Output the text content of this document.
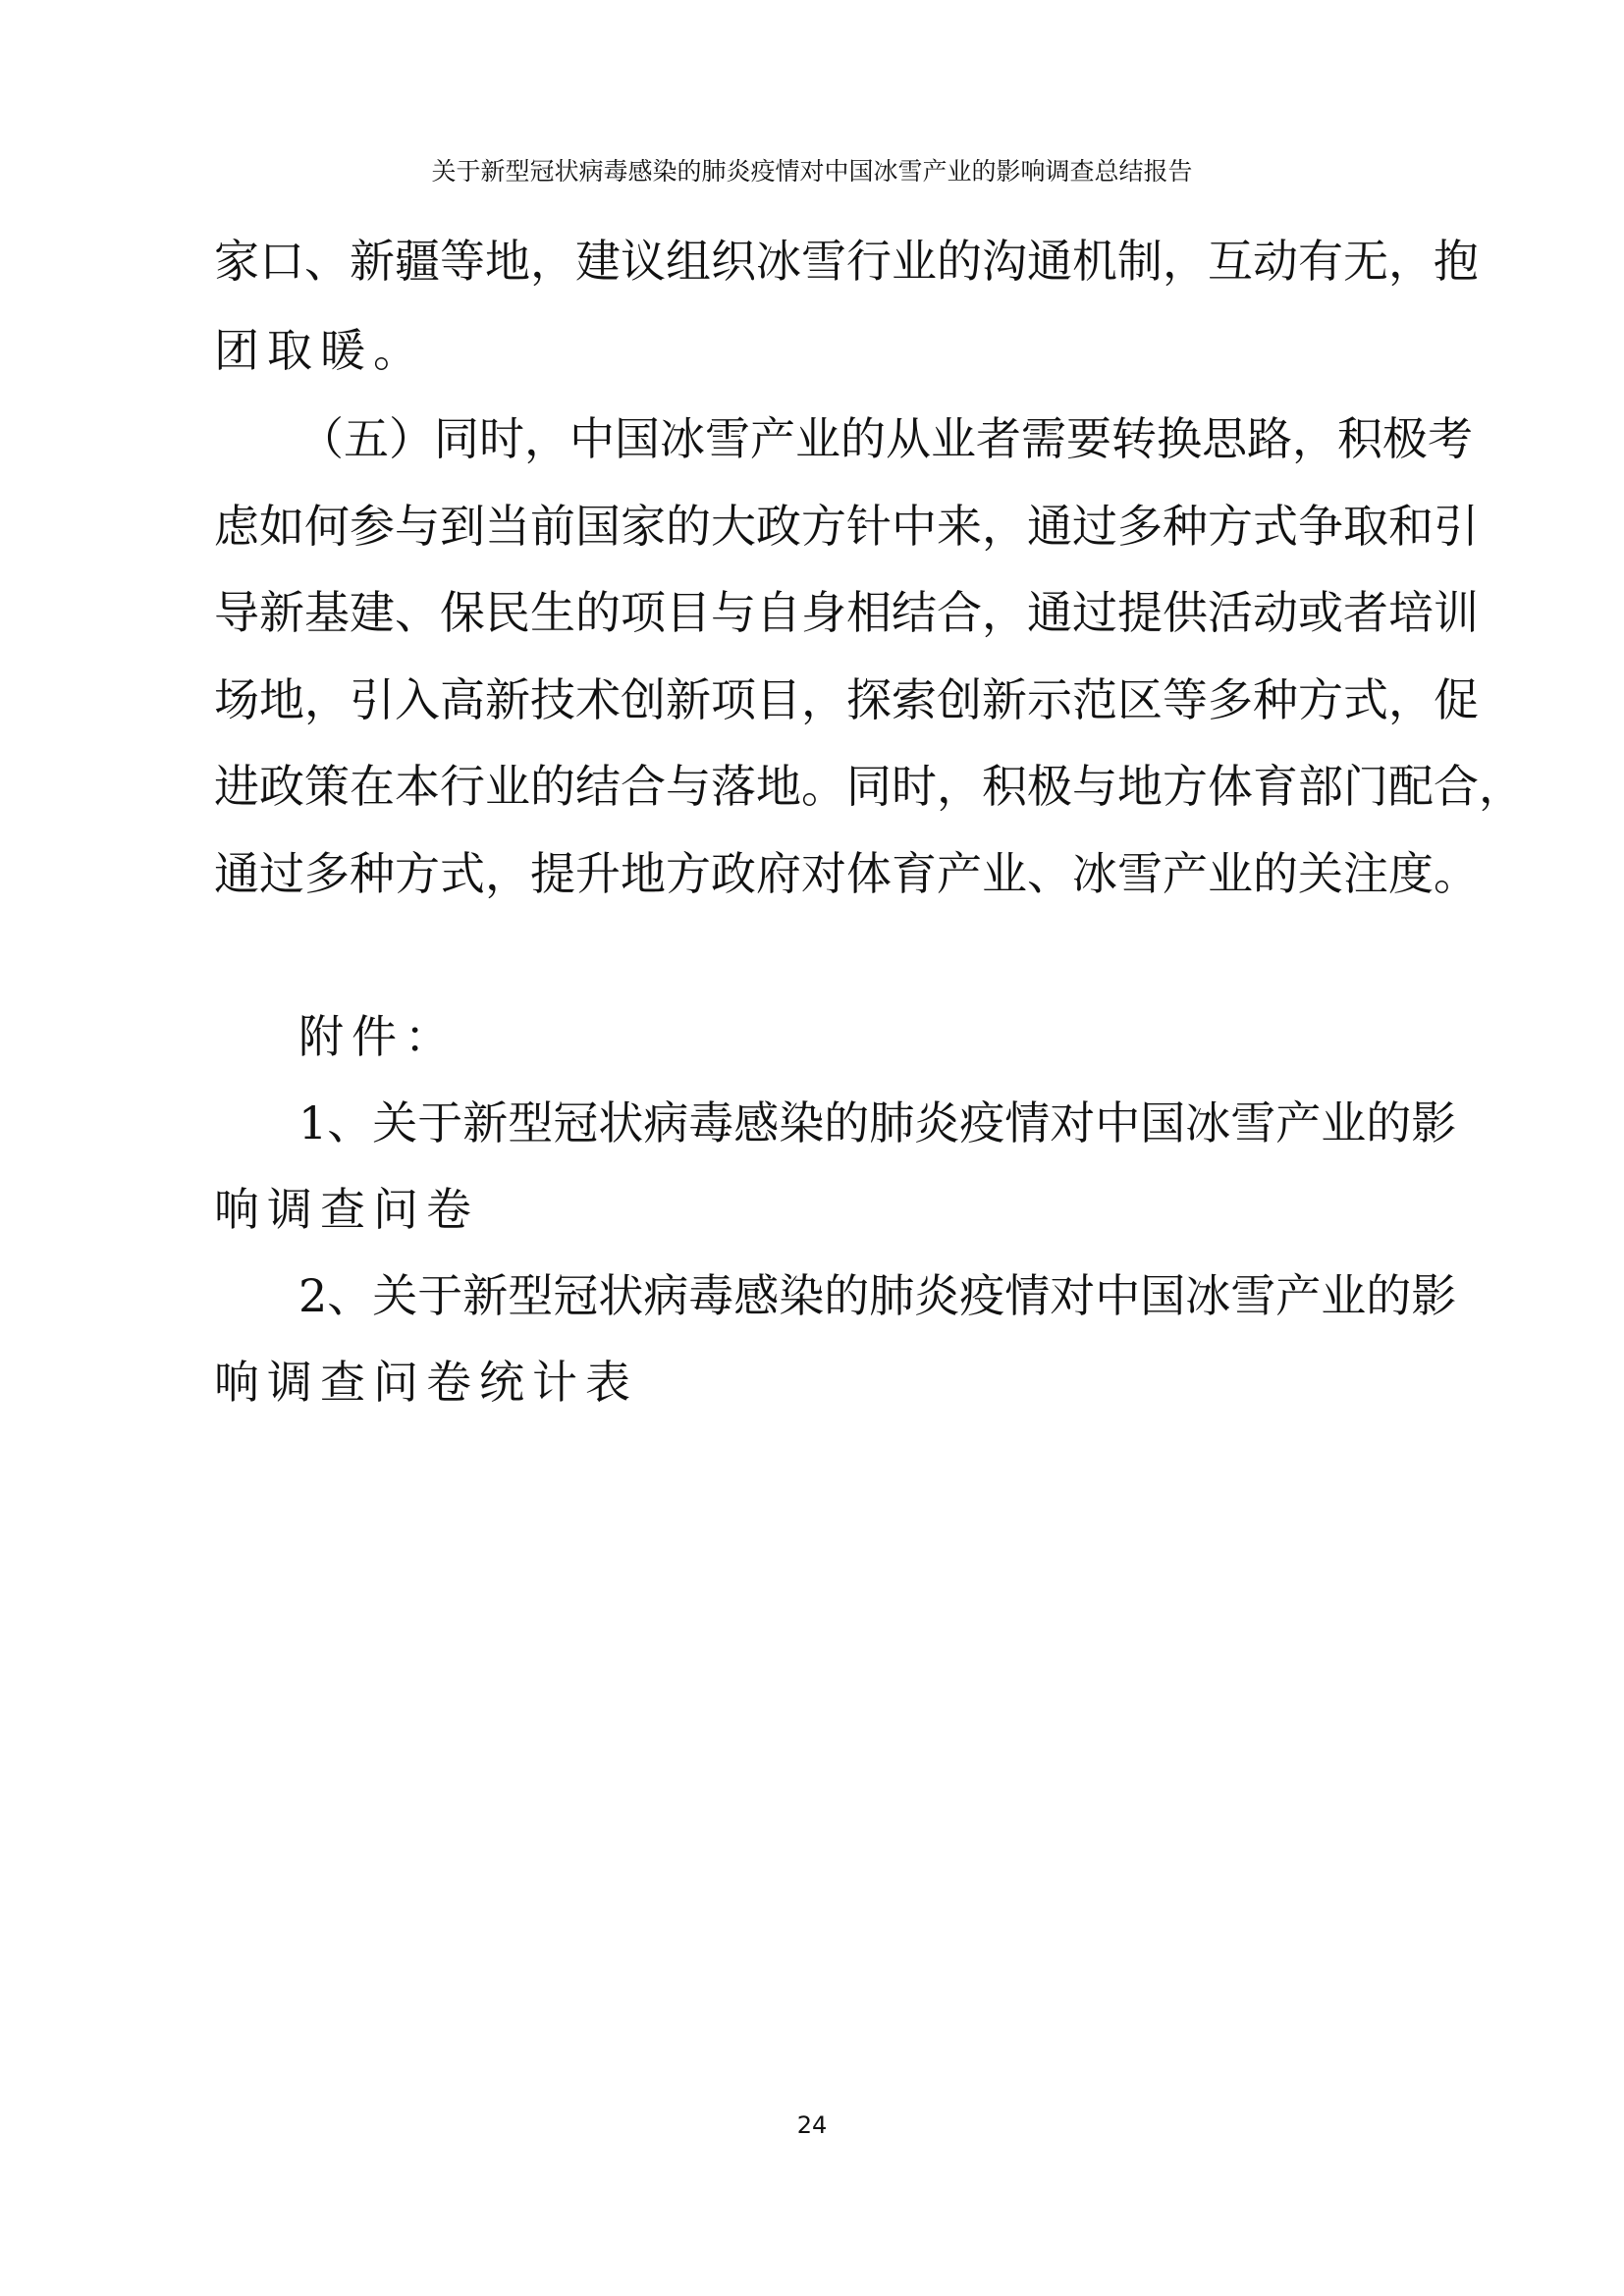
关于新型冠状病毒感染的肺炎疫情对中国冰雪产业的影响调查总结报告
家 口 、 新 疆 等 地 ， 建 议 组 织 冰 雪 行 业 的 沟 通 机 制 ， 互 动 有 无 ， 抱
团取暖。
（ 五 ） 同 时 ， 中 国 冰 雪 产 业 的 从 业 者 需 要 转 换 思 路 ， 积 极 考
虑 如 何 参 与 到 当 前 国 家 的 大 政 方 针 中 来 ， 通 过 多 种 方 式 争 取 和 引
导 新 基 建 、 保 民 生 的 项 目 与 自 身 相 结 合 ， 通 过 提 供 活 动 或 者 培 训
场 地 ， 引 入 高 新 技 术 创 新 项 目 ， 探 索 创 新 示 范 区 等 多 种 方 式 ， 促
进 政 策 在 本 行 业 的 结 合 与 落 地 。 同 时 ， 积 极 与 地 方 体 育 部 门 配 合 ，
通 过 多 种 方 式 ， 提 升 地 方 政 府 对 体 育 产 业 、 冰 雪 产 业 的 关 注 度 。
附件：
1 、 关 于 新 型 冠 状 病 毒 感 染 的 肺 炎 疫 情 对 中 国 冰 雪 产 业 的 影
响调查问卷
2 、 关 于 新 型 冠 状 病 毒 感 染 的 肺 炎 疫 情 对 中 国 冰 雪 产 业 的 影
响调查问卷统计表
24
